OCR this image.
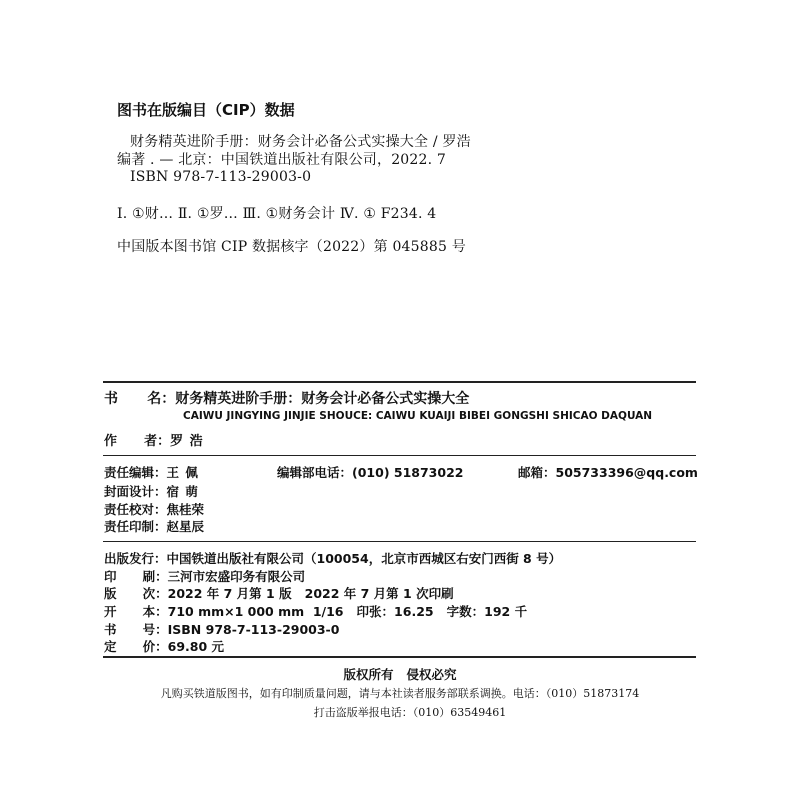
图书在版编目（CIP）数据
财务精英进阶手册：财务会计必备公式实操大全 / 罗浩
编著 . — 北京：中国铁道出版社有限公司，2022. 7
ISBN 978-7-113-29003-0
Ⅰ. ①财… Ⅱ. ①罗… Ⅲ. ①财务会计 Ⅳ. ① F234. 4
中国版本图书馆 CIP 数据核字（2022）第 045885 号
书      名：财务精英进阶手册：财务会计必备公式实操大全
CAIWU JINGYING JINJIE SHOUCE: CAIWU KUAIJI BIBEI GONGSHI SHICAO DAQUAN
作      者：罗 浩
责任编辑：王 佩	编辑部电话：(010) 51873022	邮箱：505733396@qq.com
封面设计：宿 萌
责任校对：焦桂荣
责任印制：赵星辰
出版发行：中国铁道出版社有限公司（100054，北京市西城区右安门西街 8 号）
印      刷：三河市宏盛印务有限公司
版      次：2022 年 7 月第 1 版   2022 年 7 月第 1 次印刷
开      本：710 mm×1 000 mm  1/16   印张：16.25   字数：192 千
书      号：ISBN 978-7-113-29003-0
定      价：69.80 元
版权所有   侵权必究
凡购买铁道版图书，如有印制质量问题，请与本社读者服务部联系调换。电话：（010）51873174
打击盗版举报电话：（010）63549461
